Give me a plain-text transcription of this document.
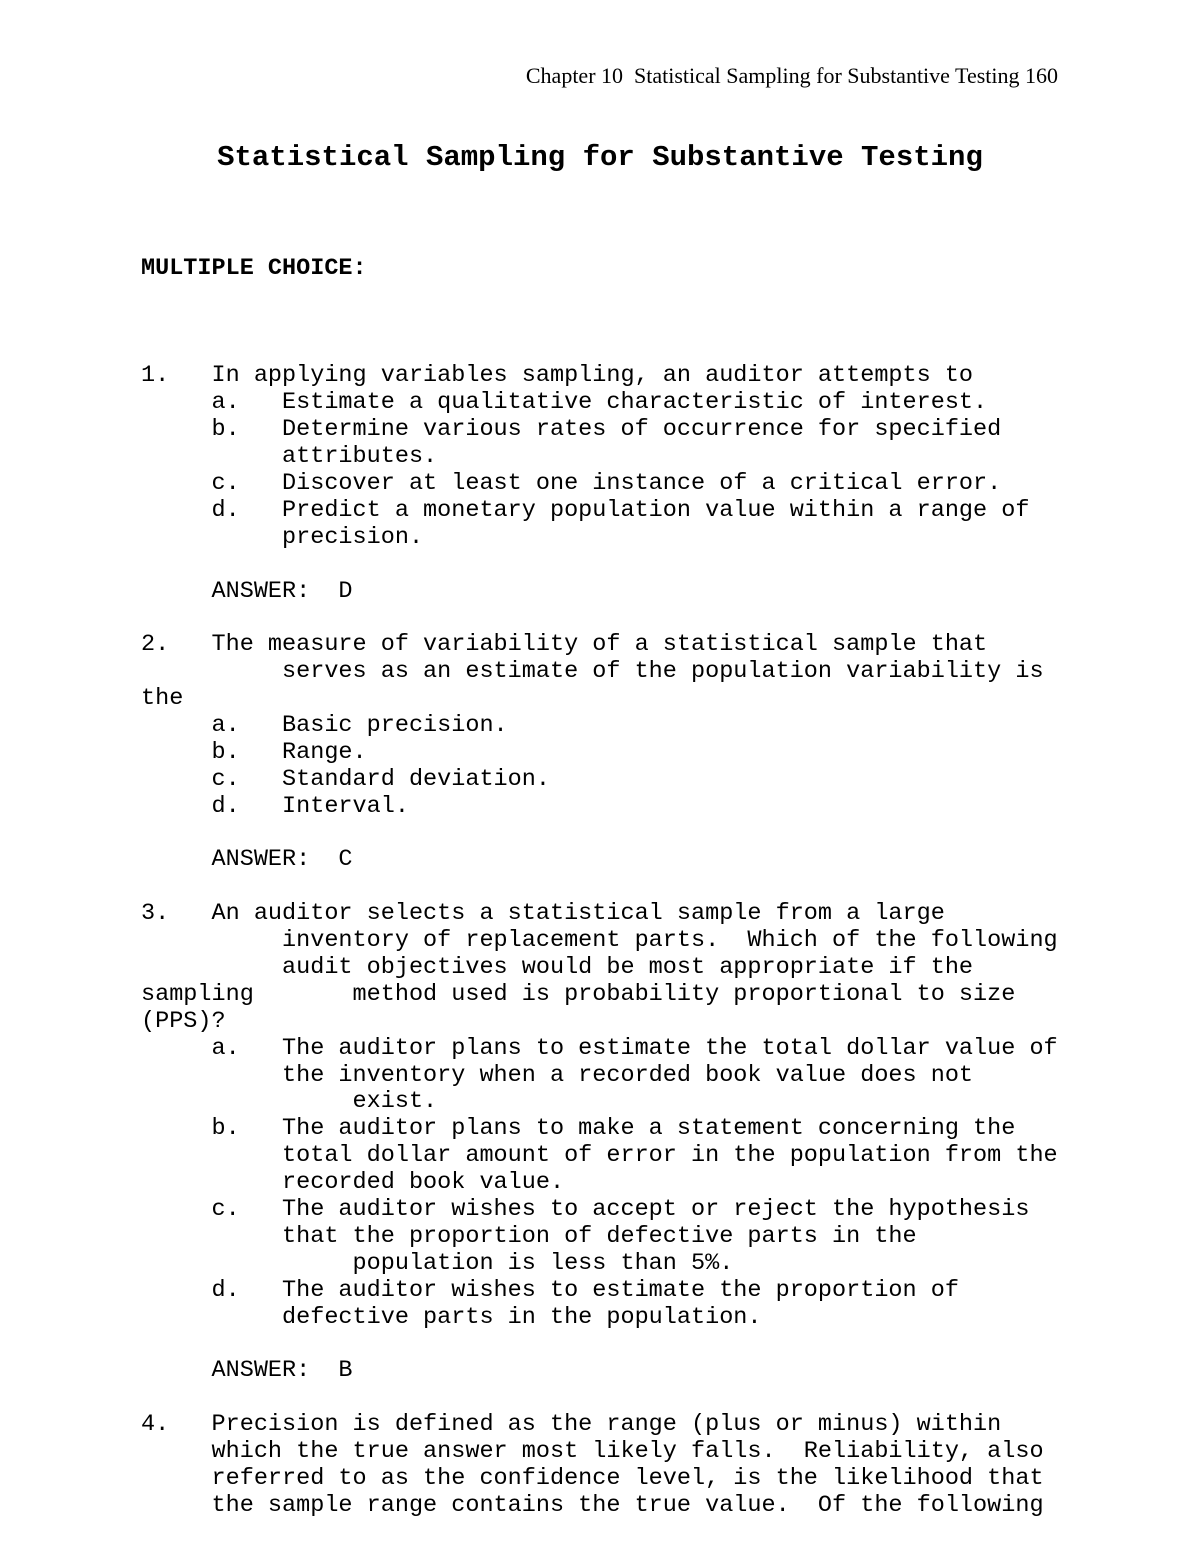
Chapter 10  Statistical Sampling for Substantive Testing 160
Statistical Sampling for Substantive Testing

MULTIPLE CHOICE:

1.   In applying variables sampling, an auditor attempts to
a.   Estimate a qualitative characteristic of interest.
b.   Determine various rates of occurrence for specified
attributes.
c.   Discover at least one instance of a critical error.
d.   Predict a monetary population value within a range of
precision.
ANSWER:  D
2.   The measure of variability of a statistical sample that
serves as an estimate of the population variability is
the
a.   Basic precision.
b.   Range.
c.   Standard deviation.
d.   Interval.
ANSWER:  C
3.   An auditor selects a statistical sample from a large
inventory of replacement parts.  Which of the following
audit objectives would be most appropriate if the
sampling       method used is probability proportional to size
(PPS)?
a.   The auditor plans to estimate the total dollar value of
the inventory when a recorded book value does not
exist.
b.   The auditor plans to make a statement concerning the
total dollar amount of error in the population from the
recorded book value.
c.   The auditor wishes to accept or reject the hypothesis
that the proportion of defective parts in the
population is less than 5%.
d.   The auditor wishes to estimate the proportion of
defective parts in the population.
ANSWER:  B
4.   Precision is defined as the range (plus or minus) within
which the true answer most likely falls.  Reliability, also
referred to as the confidence level, is the likelihood that
the sample range contains the true value.  Of the following
